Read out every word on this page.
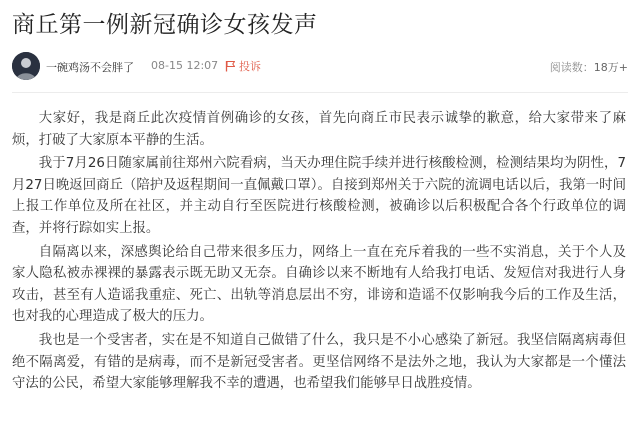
商丘第一例新冠确诊女孩发声
一碗鸡汤不会胖了 08-15 12:07 投诉	阅读数：18万+

大家好，我是商丘此次疫情首例确诊的女孩，首先向商丘市民表示诚挚的歉意，给大家带来了麻烦，打破了大家原本平静的生活。

我于7月26日随家属前往郑州六院看病，当天办理住院手续并进行核酸检测，检测结果均为阴性，7月27日晚返回商丘（陪护及返程期间一直佩戴口罩）。自接到郑州关于六院的流调电话以后，我第一时间上报工作单位及所在社区，并主动自行至医院进行核酸检测，被确诊以后积极配合各个行政单位的调查，并将行踪如实上报。

自隔离以来，深感舆论给自己带来很多压力，网络上一直在充斥着我的一些不实消息，关于个人及家人隐私被赤裸裸的暴露表示既无助又无奈。自确诊以来不断地有人给我打电话、发短信对我进行人身攻击，甚至有人造谣我重症、死亡、出轨等消息层出不穷，诽谤和造谣不仅影响我今后的工作及生活，也对我的心理造成了极大的压力。

我也是一个受害者，实在是不知道自己做错了什么，我只是不小心感染了新冠。我坚信隔离病毒但绝不隔离爱，有错的是病毒，而不是新冠受害者。更坚信网络不是法外之地，我认为大家都是一个懂法守法的公民，希望大家能够理解我不幸的遭遇，也希望我们能够早日战胜疫情。
